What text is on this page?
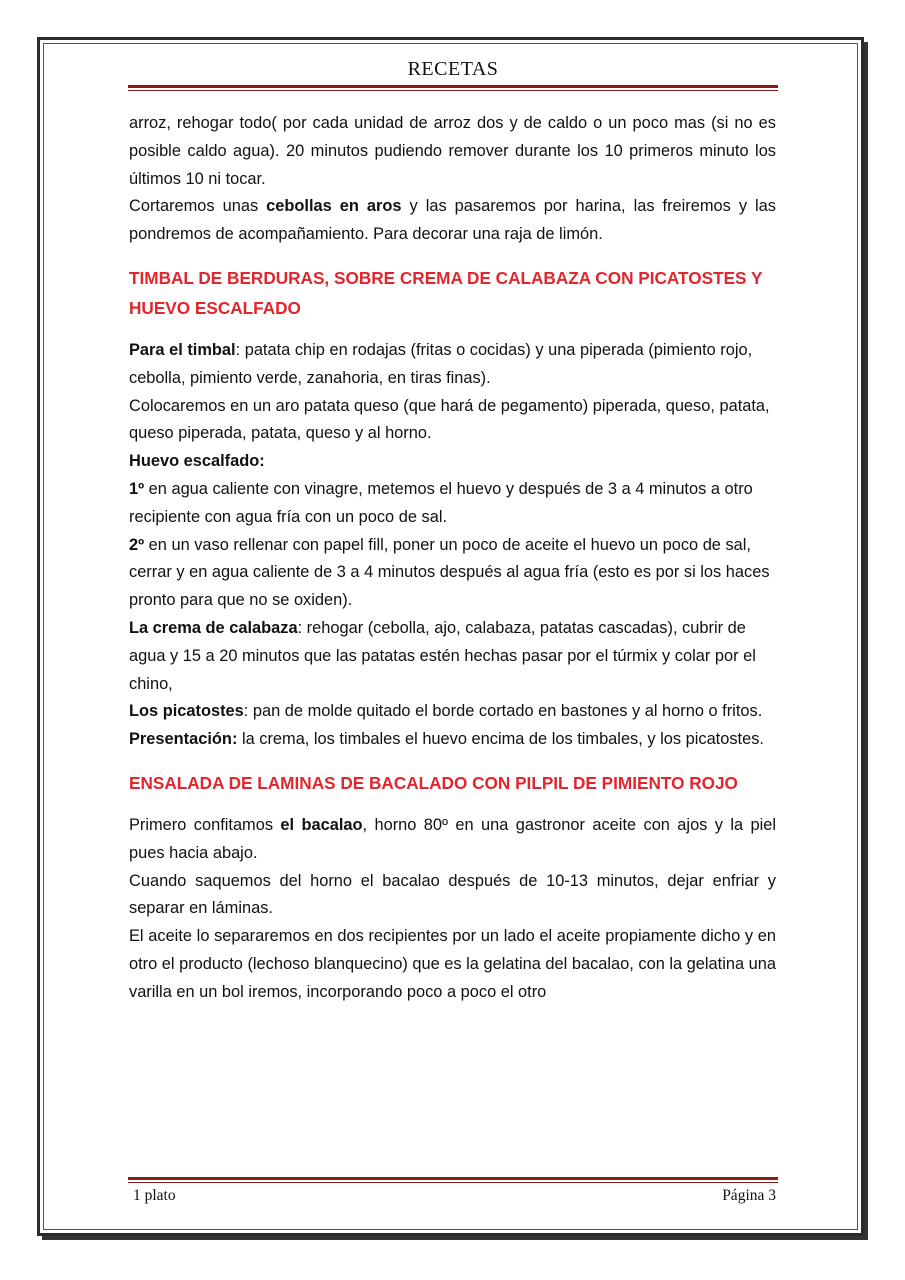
RECETAS

arroz, rehogar todo( por cada unidad de arroz dos y de caldo o un poco mas (si no es posible caldo agua). 20 minutos pudiendo remover durante los 10 primeros minuto los últimos 10 ni tocar.

Cortaremos unas cebollas en aros y las pasaremos por harina, las freiremos y las pondremos de acompañamiento. Para decorar una raja de limón.

TIMBAL DE BERDURAS, SOBRE CREMA DE CALABAZA CON PICATOSTES Y HUEVO ESCALFADO

Para el timbal: patata chip en rodajas (fritas o cocidas) y una piperada (pimiento rojo, cebolla, pimiento verde, zanahoria, en tiras finas).

Colocaremos en un aro patata queso (que hará de pegamento) piperada, queso, patata, queso piperada, patata, queso y al horno.

Huevo escalfado:

1º en agua caliente con vinagre, metemos el huevo y después de 3 a 4 minutos a otro recipiente con agua fría con un poco de sal.

2º en un vaso rellenar con papel fill, poner un poco de aceite el huevo un poco de sal, cerrar y en agua caliente de 3 a 4 minutos después al agua fría (esto es por si los haces pronto para que no se oxiden).

La crema de calabaza: rehogar (cebolla, ajo, calabaza, patatas cascadas), cubrir de agua y 15 a 20 minutos que las patatas estén hechas pasar por el túrmix y colar por el chino,

Los picatostes: pan de molde quitado el borde cortado en bastones y al horno o fritos.

Presentación: la crema, los timbales el huevo encima de los timbales, y los picatostes.

ENSALADA DE LAMINAS DE BACALADO CON PILPIL DE PIMIENTO ROJO

Primero confitamos el bacalao, horno 80º en una gastronor aceite con ajos y la piel pues hacia abajo.

Cuando saquemos del horno el bacalao después de 10-13 minutos, dejar enfriar y separar en láminas.

El aceite lo separaremos en dos recipientes por un lado el aceite propiamente dicho y en otro el producto (lechoso blanquecino) que es la gelatina del bacalao, con la gelatina una varilla en un bol iremos, incorporando poco a poco el otro

1 plato	Página 3
